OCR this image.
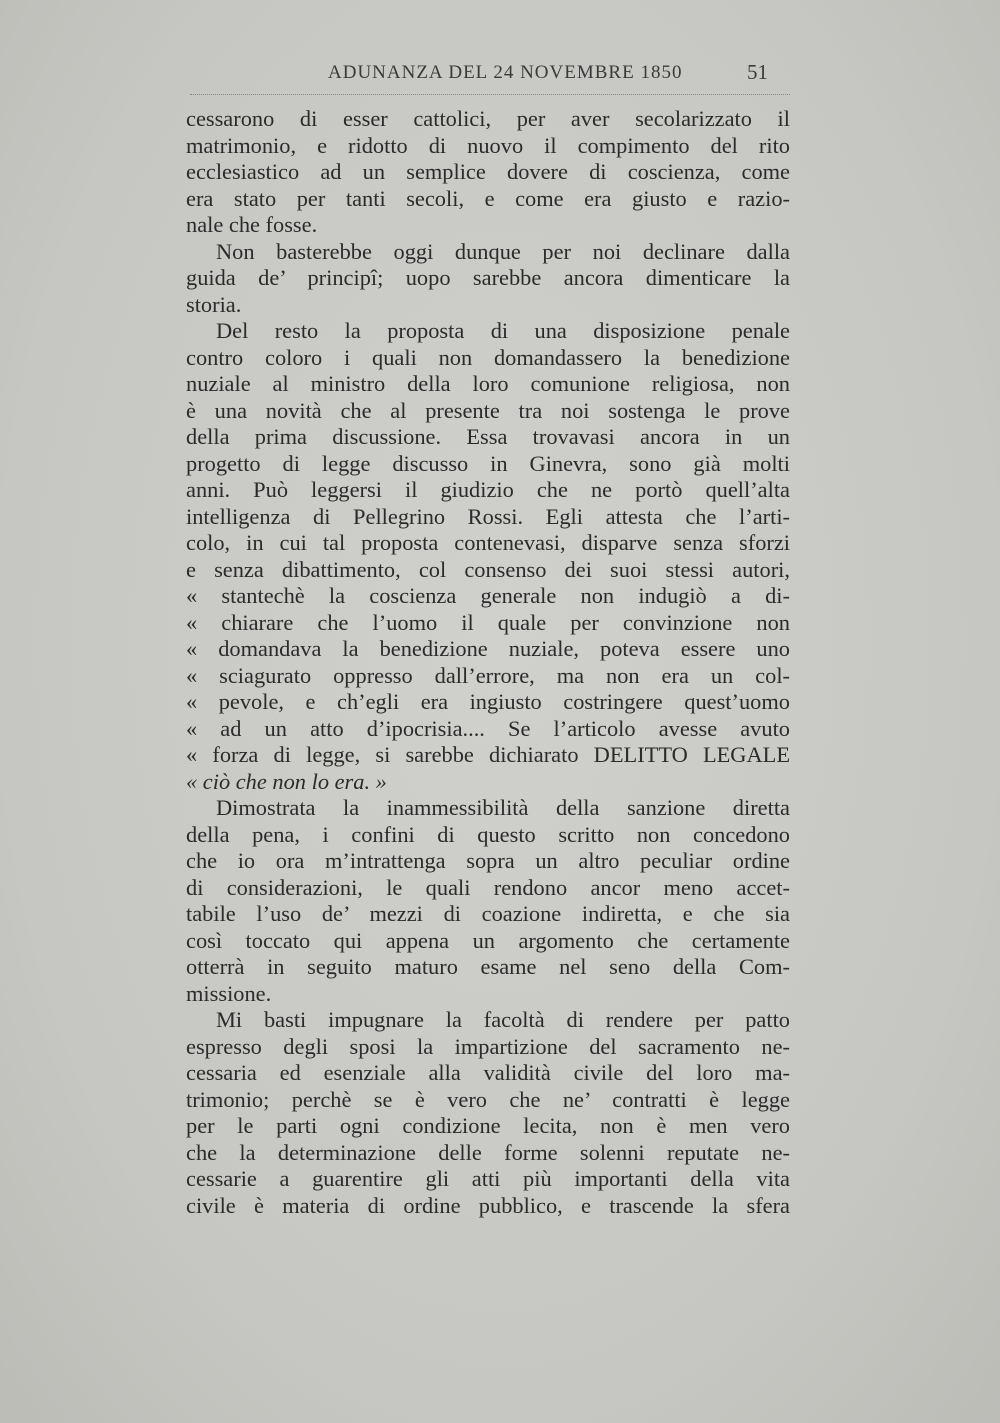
ADUNANZA DEL 24 NOVEMBRE 1850	51
cessarono di esser cattolici, per aver secolarizzato il
matrimonio, e ridotto di nuovo il compimento del rito
ecclesiastico ad un semplice dovere di coscienza, come
era stato per tanti secoli, e come era giusto e razio-
nale che fosse.
Non basterebbe oggi dunque per noi declinare dalla
guida de’ principî; uopo sarebbe ancora dimenticare la
storia.
Del resto la proposta di una disposizione penale
contro coloro i quali non domandassero la benedizione
nuziale al ministro della loro comunione religiosa, non
è una novità che al presente tra noi sostenga le prove
della prima discussione. Essa trovavasi ancora in un
progetto di legge discusso in Ginevra, sono già molti
anni. Può leggersi il giudizio che ne portò quell’alta
intelligenza di Pellegrino Rossi. Egli attesta che l’arti-
colo, in cui tal proposta contenevasi, disparve senza sforzi
e senza dibattimento, col consenso dei suoi stessi autori,
« stantechè la coscienza generale non indugiò a di-
« chiarare che l’uomo il quale per convinzione non
« domandava la benedizione nuziale, poteva essere uno
« sciagurato oppresso dall’errore, ma non era un col-
« pevole, e ch’egli era ingiusto costringere quest’uomo
« ad un atto d’ipocrisia.... Se l’articolo avesse avuto
« forza di legge, si sarebbe dichiarato DELITTO LEGALE
« ciò che non lo era. »
Dimostrata la inammessibilità della sanzione diretta
della pena, i confini di questo scritto non concedono
che io ora m’intrattenga sopra un altro peculiar ordine
di considerazioni, le quali rendono ancor meno accet-
tabile l’uso de’ mezzi di coazione indiretta, e che sia
così toccato qui appena un argomento che certamente
otterrà in seguito maturo esame nel seno della Com-
missione.
Mi basti impugnare la facoltà di rendere per patto
espresso degli sposi la impartizione del sacramento ne-
cessaria ed esenziale alla validità civile del loro ma-
trimonio; perchè se è vero che ne’ contratti è legge
per le parti ogni condizione lecita, non è men vero
che la determinazione delle forme solenni reputate ne-
cessarie a guarentire gli atti più importanti della vita
civile è materia di ordine pubblico, e trascende la sfera
